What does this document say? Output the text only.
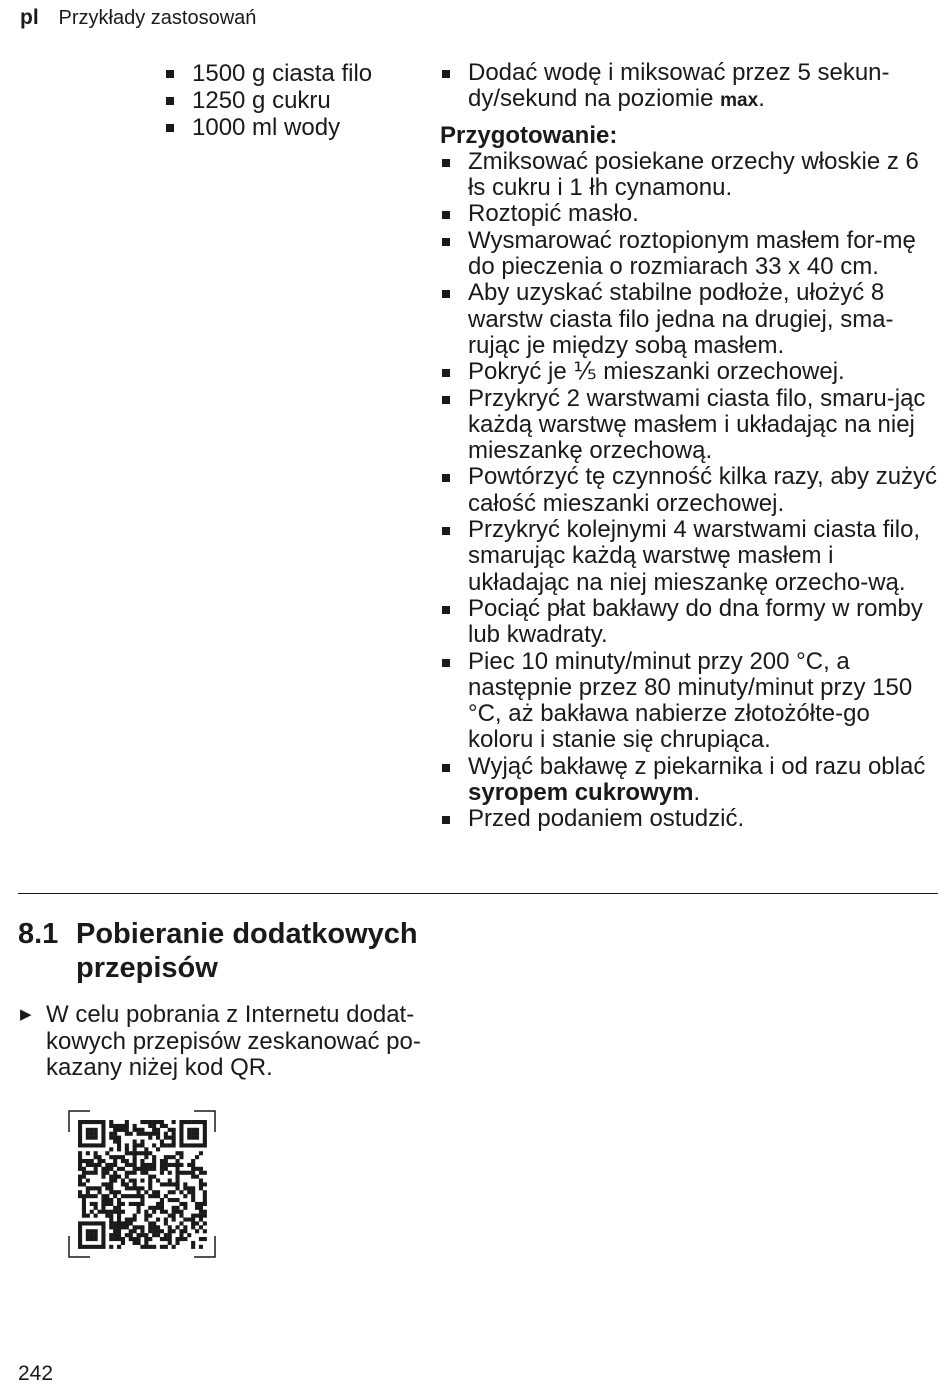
pl Przykłady zastosowań
1500 g ciasta filo
1250 g cukru
1000 ml wody
Dodać wodę i miksować przez 5 sekun-dy/sekund na poziomie max.
Przygotowanie:
Zmiksować posiekane orzechy włoskie z 6 łs cukru i 1 łh cynamonu.
Roztopić masło.
Wysmarować roztopionym masłem for-mę do pieczenia o rozmiarach 33 x 40 cm.
Aby uzyskać stabilne podłoże, ułożyć 8 warstw ciasta filo jedna na drugiej, sma-rując je między sobą masłem.
Pokryć je ⅕ mieszanki orzechowej.
Przykryć 2 warstwami ciasta filo, smaru-jąc każdą warstwę masłem i układając na niej mieszankę orzechową.
Powtórzyć tę czynność kilka razy, aby zużyć całość mieszanki orzechowej.
Przykryć kolejnymi 4 warstwami ciasta filo, smarując każdą warstwę masłem i układając na niej mieszankę orzecho-wą.
Pociąć płat bakławy do dna formy w romby lub kwadraty.
Piec 10 minuty/minut przy 200 °C, a następnie przez 80 minuty/minut przy 150 °C, aż bakława nabierze złotożółte-go koloru i stanie się chrupiąca.
Wyjąć bakławę z piekarnika i od razu oblać syropem cukrowym.
Przed podaniem ostudzić.
8.1 Pobieranie dodatkowych przepisów
▶ W celu pobrania z Internetu dodat-kowych przepisów zeskanować po-kazany niżej kod QR.
242
